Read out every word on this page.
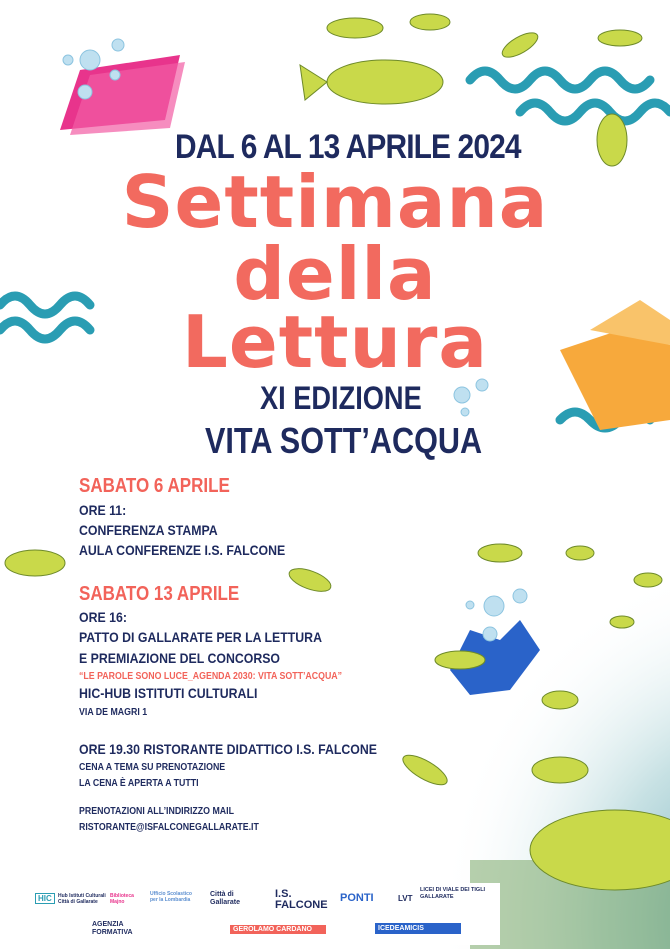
DAL 6 AL 13 APRILE 2024
Settimana
della
Lettura
XI EDIZIONE
VITA SOTT’ACQUA
SABATO 6 APRILE
ORE 11:
CONFERENZA STAMPA
AULA CONFERENZE I.S. FALCONE
SABATO 13 APRILE
ORE 16:
PATTO DI GALLARATE PER LA LETTURA
E PREMIAZIONE DEL CONCORSO
“LE PAROLE SONO LUCE_AGENDA 2030: VITA SOTT’ACQUA”
HIC-HUB ISTITUTI CULTURALI
VIA DE MAGRI 1
ORE 19.30 RISTORANTE DIDATTICO I.S. FALCONE
CENA A TEMA SU PRENOTAZIONE
LA CENA È APERTA A TUTTI
PRENOTAZIONI ALL’INDIRIZZO MAIL
RISTORANTE@ISFALCONEGALLARATE.IT
HIC	Hub Istituti Culturali Città di Gallarate
Biblioteca Majno
Ufficio Scolastico per la Lombardia
Città di Gallarate
I.S. FALCONE
PONTI	LVT
LICEI DI VIALE DEI TIGLI GALLARATE
AGENZIA FORMATIVA	GEROLAMO CARDANO	ICEDEAMICIS
